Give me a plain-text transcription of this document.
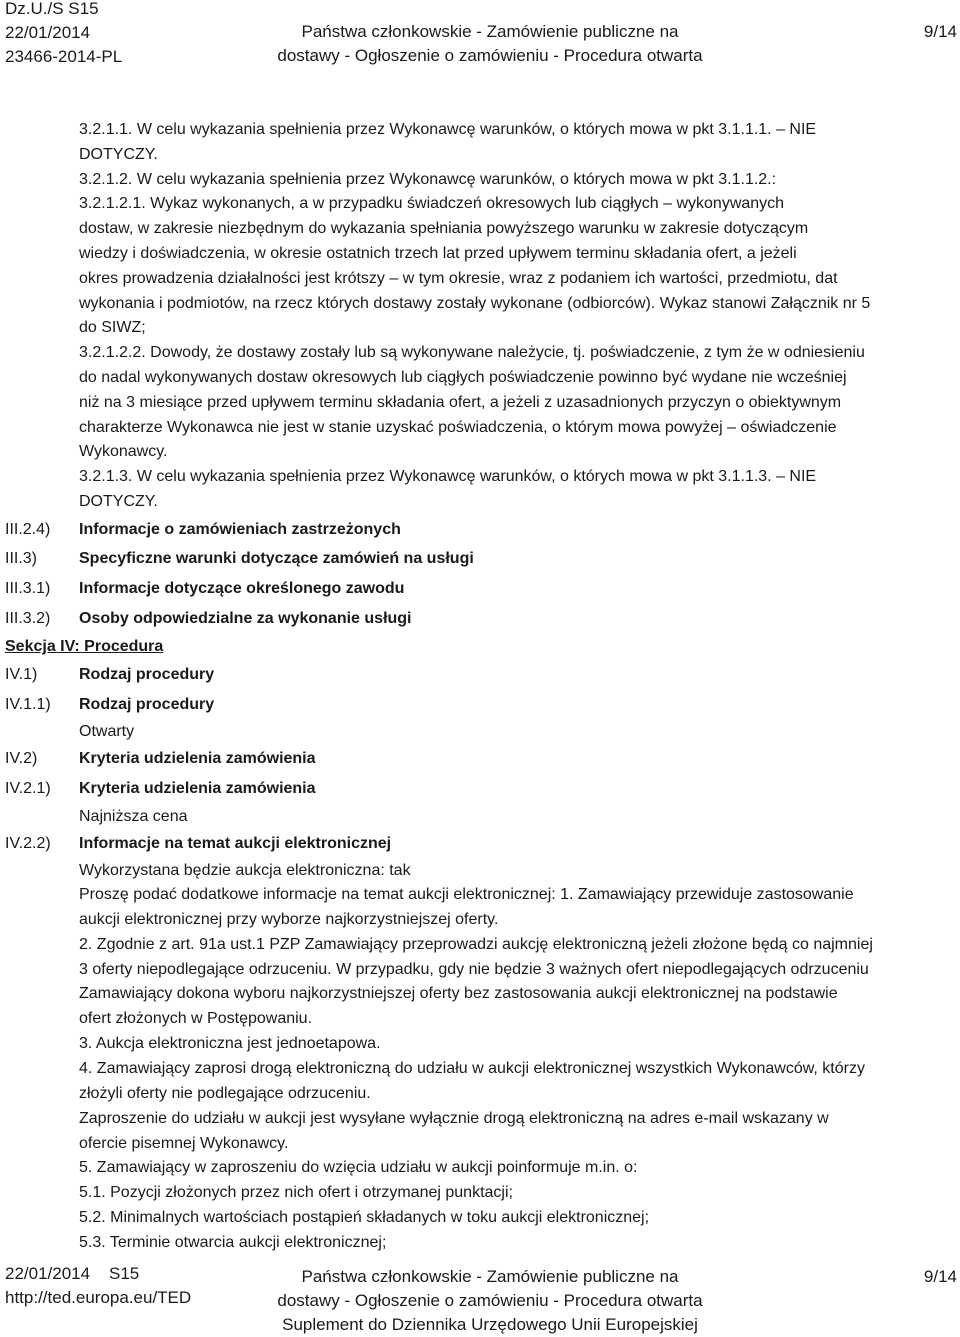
Dz.U./S S15
22/01/2014
23466-2014-PL
Państwa członkowskie - Zamówienie publiczne na
dostawy - Ogłoszenie o zamówieniu - Procedura otwarta
9/14
3.2.1.1. W celu wykazania spełnienia przez Wykonawcę warunków, o których mowa w pkt 3.1.1.1. – NIE
DOTYCZY.
3.2.1.2. W celu wykazania spełnienia przez Wykonawcę warunków, o których mowa w pkt 3.1.1.2.:
3.2.1.2.1. Wykaz wykonanych, a w przypadku świadczeń okresowych lub ciągłych – wykonywanych
dostaw, w zakresie niezbędnym do wykazania spełniania powyższego warunku w zakresie dotyczącym
wiedzy i doświadczenia, w okresie ostatnich trzech lat przed upływem terminu składania ofert, a jeżeli
okres prowadzenia działalności jest krótszy – w tym okresie, wraz z podaniem ich wartości, przedmiotu, dat
wykonania i podmiotów, na rzecz których dostawy zostały wykonane (odbiorców). Wykaz stanowi Załącznik nr 5
do SIWZ;
3.2.1.2.2. Dowody, że dostawy zostały lub są wykonywane należycie, tj. poświadczenie, z tym że w odniesieniu
do nadal wykonywanych dostaw okresowych lub ciągłych poświadczenie powinno być wydane nie wcześniej
niż na 3 miesiące przed upływem terminu składania ofert, a jeżeli z uzasadnionych przyczyn o obiektywnym
charakterze Wykonawca nie jest w stanie uzyskać poświadczenia, o którym mowa powyżej – oświadczenie
Wykonawcy.
3.2.1.3. W celu wykazania spełnienia przez Wykonawcę warunków, o których mowa w pkt 3.1.1.3. – NIE
DOTYCZY.
III.2.4) Informacje o zamówieniach zastrzeżonych
III.3)	Specyficzne warunki dotyczące zamówień na usługi
III.3.1) Informacje dotyczące określonego zawodu
III.3.2) Osoby odpowiedzialne za wykonanie usługi
Sekcja IV: Procedura
IV.1)	Rodzaj procedury
IV.1.1) Rodzaj procedury
Otwarty
IV.2)	Kryteria udzielenia zamówienia
IV.2.1) Kryteria udzielenia zamówienia
Najniższa cena
IV.2.2) Informacje na temat aukcji elektronicznej
Wykorzystana będzie aukcja elektroniczna: tak
Proszę podać dodatkowe informacje na temat aukcji elektronicznej: 1. Zamawiający przewiduje zastosowanie
aukcji elektronicznej przy wyborze najkorzystniejszej oferty.
2. Zgodnie z art. 91a ust.1 PZP Zamawiający przeprowadzi aukcję elektroniczną jeżeli złożone będą co najmniej
3 oferty niepodlegające odrzuceniu. W przypadku, gdy nie będzie 3 ważnych ofert niepodlegających odrzuceniu
Zamawiający dokona wyboru najkorzystniejszej oferty bez zastosowania aukcji elektronicznej na podstawie
ofert złożonych w Postępowaniu.
3. Aukcja elektroniczna jest jednoetapowa.
4. Zamawiający zaprosi drogą elektroniczną do udziału w aukcji elektronicznej wszystkich Wykonawców, którzy
złożyli oferty nie podlegające odrzuceniu.
Zaproszenie do udziału w aukcji jest wysyłane wyłącznie drogą elektroniczną na adres e-mail wskazany w
ofercie pisemnej Wykonawcy.
5. Zamawiający w zaproszeniu do wzięcia udziału w aukcji poinformuje m.in. o:
5.1. Pozycji złożonych przez nich ofert i otrzymanej punktacji;
5.2. Minimalnych wartościach postąpień składanych w toku aukcji elektronicznej;
5.3. Terminie otwarcia aukcji elektronicznej;
22/01/2014    S15
http://ted.europa.eu/TED
Państwa członkowskie - Zamówienie publiczne na
dostawy - Ogłoszenie o zamówieniu - Procedura otwarta
Suplement do Dziennika Urzędowego Unii Europejskiej
9/14
